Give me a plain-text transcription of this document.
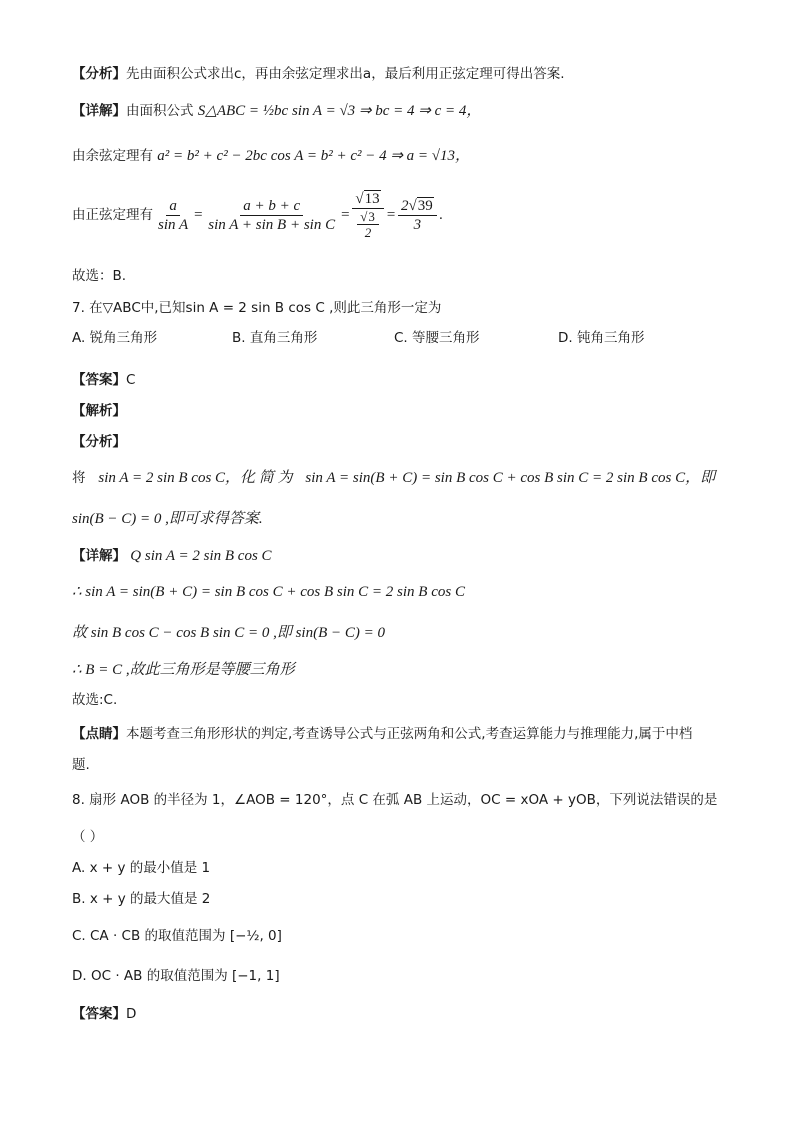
【分析】先由面积公式求出c，再由余弦定理求出a，最后利用正弦定理可得出答案.
【详解】由面积公式 S△ABC = ½bc sin A = √3 ⇒ bc = 4 ⇒ c = 4，
由余弦定理有 a² = b² + c² − 2bc cos A = b² + c² − 4 ⇒ a = √13，
由正弦定理有 $\frac{a}{\text{sin A}} = \frac{a + b + c}{\text{sin A + sin B + sin C}} = \frac{√13}{\frac{√3}{2}} = \frac{2√39}{3}$ .
故选：B.
7. 在▽ABC中,已知sin A = 2 sin B cos C ,则此三角形一定为
A. 锐角三角形	B. 直角三角形	C. 等腰三角形	D. 钝角三角形
【答案】C
【解析】
【分析】
将 sin A = 2 sin B cos C，化 简 为 sin A = sin(B + C) = sin B cos C + cos B sin C = 2 sin B cos C，即
sin(B − C) = 0 ,即可求得答案.
【详解】 Q sin A = 2 sin B cos C
∴ sin A = sin(B + C) = sin B cos C + cos B sin C = 2 sin B cos C
故 sin B cos C − cos B sin C = 0 ,即 sin(B − C) = 0
∴ B = C ,故此三角形是等腰三角形
故选:C.
【点睛】本题考查三角形形状的判定,考查诱导公式与正弦两角和公式,考查运算能力与推理能力,属于中档
题.
8. 扇形 AOB 的半径为 1，∠AOB = 120°，点 C 在弧 AB 上运动，OC = xOA + yOB，下列说法错误的是
（ ）
A. x + y 的最小值是 1
B. x + y 的最大值是 2
C. CA · CB 的取值范围为 [−½, 0]
D. OC · AB 的取值范围为 [−1, 1]
【答案】D
